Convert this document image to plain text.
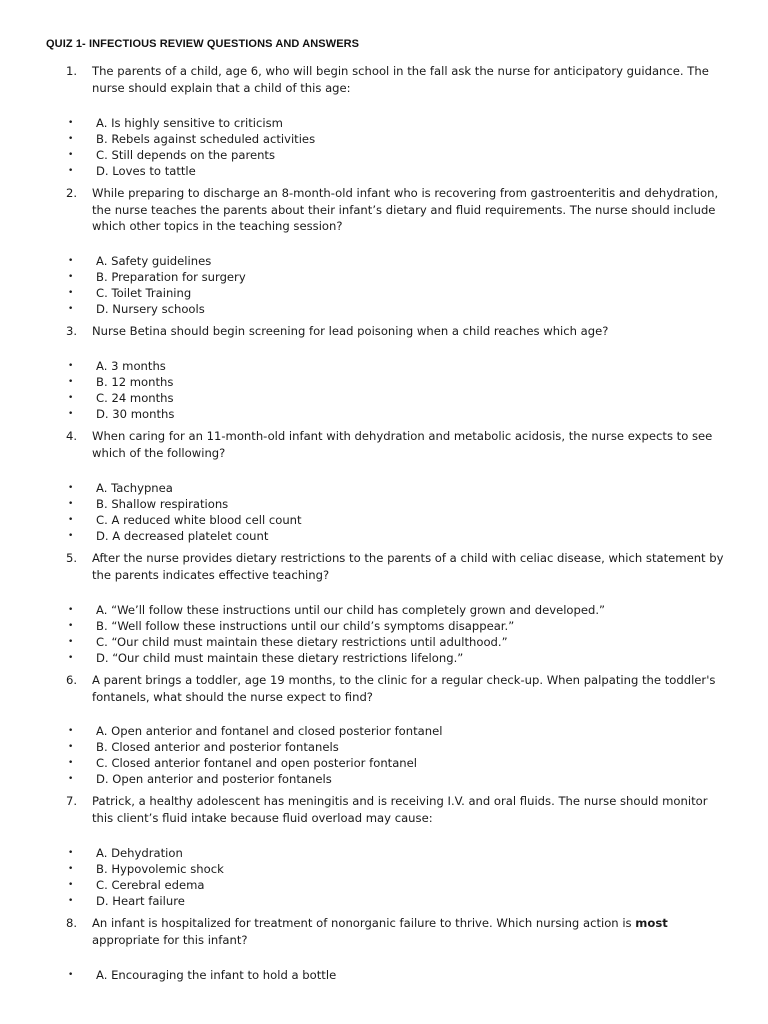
QUIZ 1- INFECTIOUS REVIEW QUESTIONS AND ANSWERS
1.	The parents of a child, age 6, who will begin school in the fall ask the nurse for anticipatory guidance. The nurse should explain that a child of this age:
• A. Is highly sensitive to criticism
• B. Rebels against scheduled activities
• C. Still depends on the parents
• D. Loves to tattle
2.	While preparing to discharge an 8-month-old infant who is recovering from gastroenteritis and dehydration, the nurse teaches the parents about their infant’s dietary and fluid requirements. The nurse should include which other topics in the teaching session?
• A. Safety guidelines
• B. Preparation for surgery
• C. Toilet Training
• D. Nursery schools
3.	Nurse Betina should begin screening for lead poisoning when a child reaches which age?
• A. 3 months
• B. 12 months
• C. 24 months
• D. 30 months
4.	When caring for an 11-month-old infant with dehydration and metabolic acidosis, the nurse expects to see which of the following?
• A. Tachypnea
• B. Shallow respirations
• C. A reduced white blood cell count
• D. A decreased platelet count
5.	After the nurse provides dietary restrictions to the parents of a child with celiac disease, which statement by the parents indicates effective teaching?
• A. “We’ll follow these instructions until our child has completely grown and developed.”
• B. “Well follow these instructions until our child’s symptoms disappear.”
• C. “Our child must maintain these dietary restrictions until adulthood.”
• D. “Our child must maintain these dietary restrictions lifelong.”
6.	A parent brings a toddler, age 19 months, to the clinic for a regular check-up. When palpating the toddler's fontanels, what should the nurse expect to find?
• A. Open anterior and fontanel and closed posterior fontanel
• B. Closed anterior and posterior fontanels
• C. Closed anterior fontanel and open posterior fontanel
• D. Open anterior and posterior fontanels
7.	Patrick, a healthy adolescent has meningitis and is receiving I.V. and oral fluids. The nurse should monitor this client’s fluid intake because fluid overload may cause:
• A. Dehydration
• B. Hypovolemic shock
• C. Cerebral edema
• D. Heart failure
8.	An infant is hospitalized for treatment of nonorganic failure to thrive. Which nursing action is most appropriate for this infant?
• A. Encouraging the infant to hold a bottle
